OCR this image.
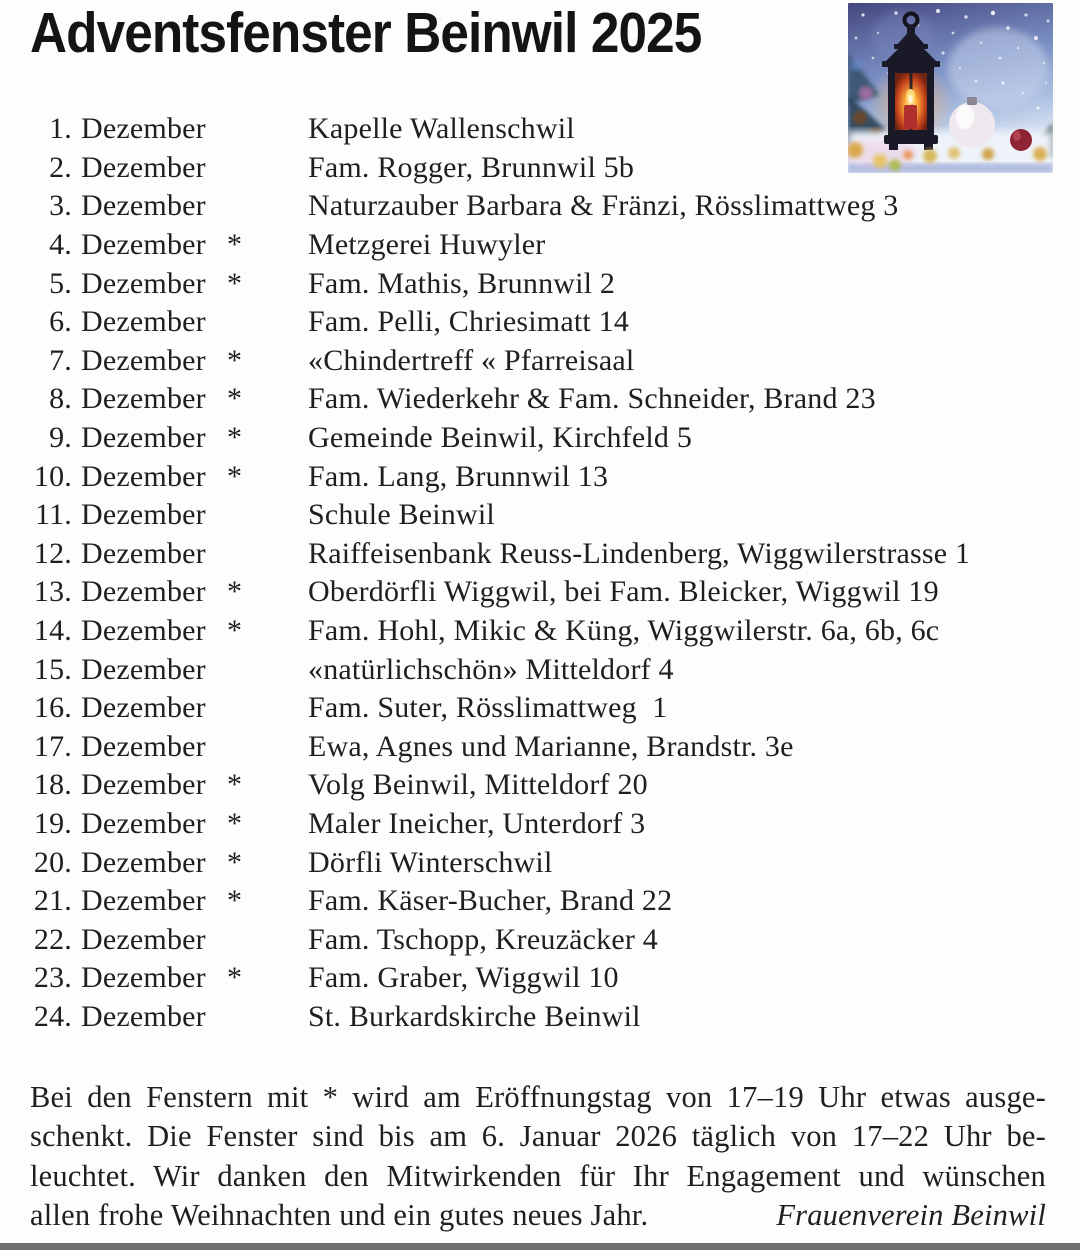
Adventsfenster Beinwil 2025
1. Dezember	Kapelle Wallenschwil
2. Dezember	Fam. Rogger, Brunnwil 5b
3. Dezember	Naturzauber Barbara & Fränzi, Rösslimattweg 3
4. Dezember *	Metzgerei Huwyler
5. Dezember *	Fam. Mathis, Brunnwil 2
6. Dezember	Fam. Pelli, Chriesimatt 14
7. Dezember *	«Chindertreff « Pfarreisaal
8. Dezember *	Fam. Wiederkehr & Fam. Schneider, Brand 23
9. Dezember *	Gemeinde Beinwil, Kirchfeld 5
10. Dezember *	Fam. Lang, Brunnwil 13
11. Dezember	Schule Beinwil
12. Dezember	Raiffeisenbank Reuss-Lindenberg, Wiggwilerstrasse 1
13. Dezember *	Oberdörfli Wiggwil, bei Fam. Bleicker, Wiggwil 19
14. Dezember *	Fam. Hohl, Mikic & Küng, Wiggwilerstr. 6a, 6b, 6c
15. Dezember	«natürlichschön» Mitteldorf 4
16. Dezember	Fam. Suter, Rösslimattweg  1
17. Dezember	Ewa, Agnes und Marianne, Brandstr. 3e
18. Dezember *	Volg Beinwil, Mitteldorf 20
19. Dezember *	Maler Ineicher, Unterdorf 3
20. Dezember *	Dörfli Winterschwil
21. Dezember *	Fam. Käser-Bucher, Brand 22
22. Dezember	Fam. Tschopp, Kreuzäcker 4
23. Dezember *	Fam. Graber, Wiggwil 10
24. Dezember	St. Burkardskirche Beinwil

Bei den Fenstern mit * wird am Eröffnungstag von 17–19 Uhr etwas ausge-

schenkt. Die Fenster sind bis am 6. Januar 2026 täglich von 17–22 Uhr be-

leuchtet. Wir danken den Mitwirkenden für Ihr Engagement und wünschen

allen frohe Weihnachten und ein gutes neues Jahr.	Frauenverein Beinwil
